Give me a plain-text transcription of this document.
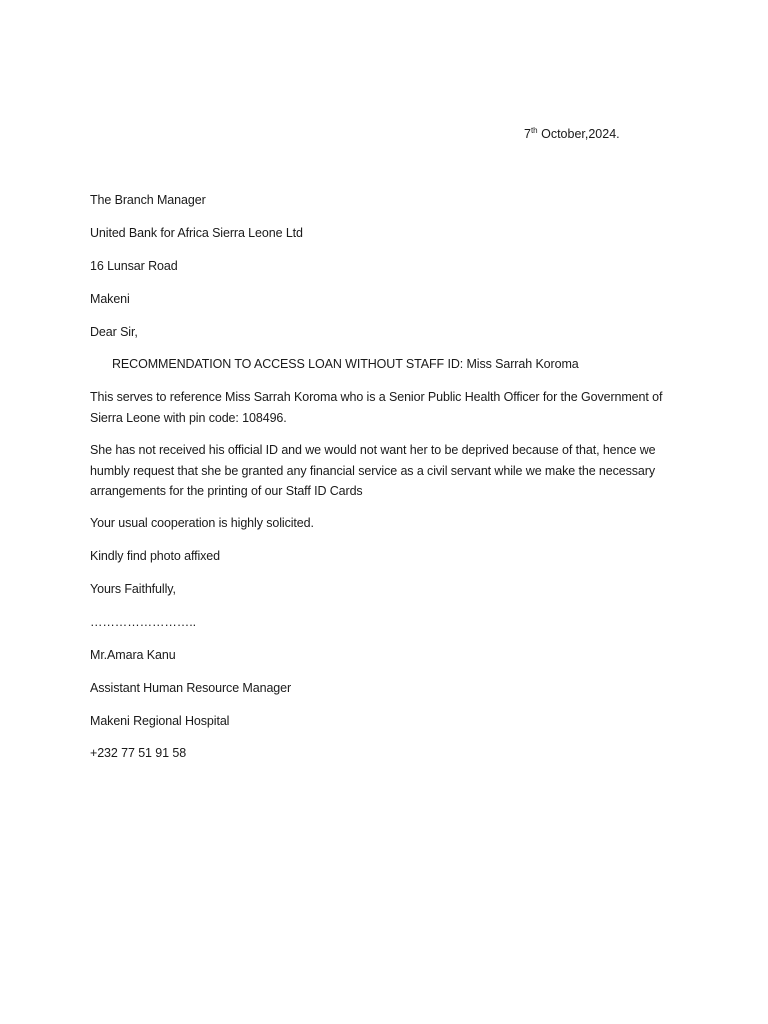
7th October,2024.
The Branch Manager
United Bank for Africa Sierra Leone Ltd
16 Lunsar Road
Makeni
Dear Sir,
RECOMMENDATION TO ACCESS LOAN WITHOUT STAFF ID: Miss Sarrah Koroma
This serves to reference Miss Sarrah Koroma who is a Senior Public Health Officer for the Government of Sierra Leone with pin code: 108496.
She has not received his official ID and we would not want her to be deprived because of that, hence we humbly request that she be granted any financial service as a civil servant while we make the necessary arrangements for the printing of our Staff ID Cards
Your usual cooperation is highly solicited.
Kindly find photo affixed
Yours Faithfully,
……………………..
Mr.Amara Kanu
Assistant Human Resource Manager
Makeni Regional Hospital
+232 77 51 91 58
